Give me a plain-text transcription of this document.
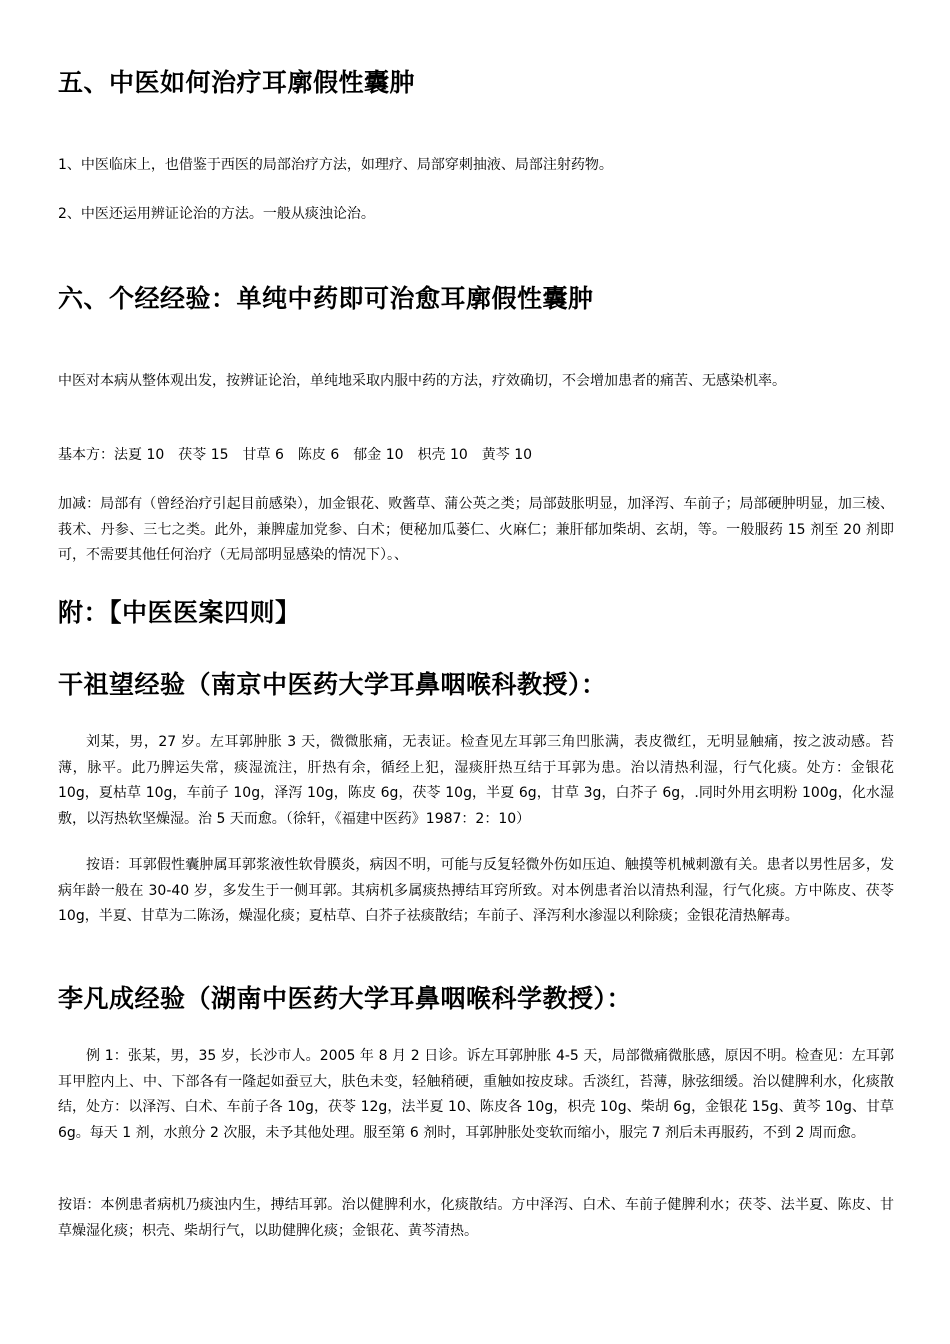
五、中医如何治疗耳廓假性囊肿

1、中医临床上，也借鉴于西医的局部治疗方法，如理疗、局部穿刺抽液、局部注射药物。

2、中医还运用辨证论治的方法。一般从痰浊论治。

六、个经经验：单纯中药即可治愈耳廓假性囊肿

中医对本病从整体观出发，按辨证论治，单纯地采取内服中药的方法，疗效确切，不会增加患者的痛苦、无感染机率。

基本方：法夏 10　茯苓 15　甘草 6　陈皮 6　郁金 10　枳壳 10　黄芩 10

加减：局部有（曾经治疗引起目前感染），加金银花、败酱草、蒲公英之类；局部鼓胀明显，加泽泻、车前子；局部硬肿明显，加三棱、莪术、丹参、三七之类。此外，兼脾虚加党参、白术；便秘加瓜蒌仁、火麻仁；兼肝郁加柴胡、玄胡，等。一般服药 15 剂至 20 剂即可，不需要其他任何治疗（无局部明显感染的情况下）。、

附：【中医医案四则】
干祖望经验（南京中医药大学耳鼻咽喉科教授）：

刘某，男，27 岁。左耳郭肿胀 3 天，微微胀痛，无表证。检查见左耳郭三角凹胀满，表皮微红，无明显触痛，按之波动感。苔薄，脉平。此乃脾运失常，痰湿流注，肝热有余，循经上犯，湿痰肝热互结于耳郭为患。治以清热利湿，行气化痰。处方：金银花 10g，夏枯草 10g，车前子 10g，泽泻 10g，陈皮 6g，茯苓 10g，半夏 6g，甘草 3g，白芥子 6g，.同时外用玄明粉 100g，化水湿敷，以泻热软坚燥湿。治 5 天而愈。（徐轩，《福建中医药》1987：2：10）

按语：耳郭假性囊肿属耳郭浆液性软骨膜炎，病因不明，可能与反复轻微外伤如压迫、触摸等机械刺激有关。患者以男性居多，发病年龄一般在 30-40 岁，多发生于一侧耳郭。其病机多属痰热搏结耳窍所致。对本例患者治以清热利湿，行气化痰。方中陈皮、茯苓 10g，半夏、甘草为二陈汤，燥湿化痰；夏枯草、白芥子祛痰散结；车前子、泽泻利水渗湿以利除痰；金银花清热解毒。

李凡成经验（湖南中医药大学耳鼻咽喉科学教授）：

例 1：张某，男，35 岁，长沙市人。2005 年 8 月 2 日诊。诉左耳郭肿胀 4-5 天，局部微痛微胀感，原因不明。检查见：左耳郭耳甲腔内上、中、下部各有一隆起如蚕豆大，肤色未变，轻触稍硬，重触如按皮球。舌淡红，苔薄，脉弦细缓。治以健脾利水，化痰散结，处方：以泽泻、白术、车前子各 10g，茯苓 12g，法半夏 10、陈皮各 10g，枳壳 10g、柴胡 6g，金银花 15g、黄芩 10g、甘草 6g。每天 1 剂，水煎分 2 次服，未予其他处理。服至第 6 剂时，耳郭肿胀处变软而缩小，服完 7 剂后未再服药，不到 2 周而愈。

按语：本例患者病机乃痰浊内生，搏结耳郭。治以健脾利水，化痰散结。方中泽泻、白术、车前子健脾利水；茯苓、法半夏、陈皮、甘草燥湿化痰；枳壳、柴胡行气，以助健脾化痰；金银花、黄芩清热。
